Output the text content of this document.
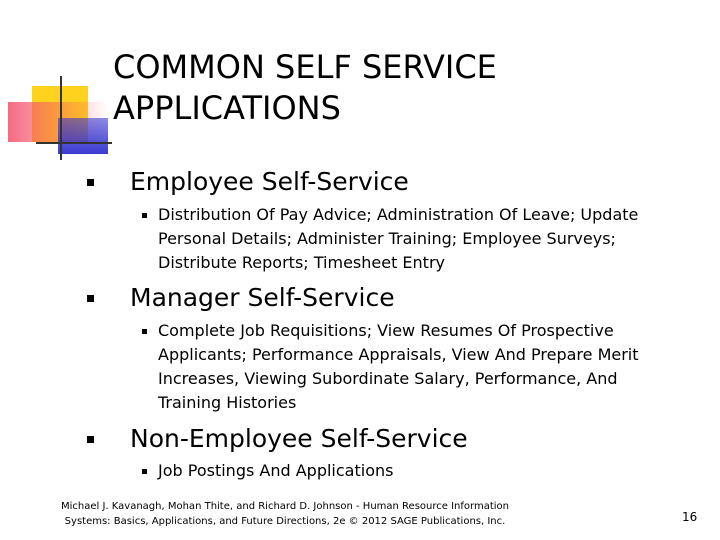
COMMON SELF SERVICE
APPLICATIONS
Employee Self-Service
Distribution Of Pay Advice; Administration Of Leave; Update
Personal Details; Administer Training; Employee Surveys;
Distribute Reports; Timesheet Entry
Manager Self-Service
Complete Job Requisitions; View Resumes Of Prospective
Applicants; Performance Appraisals, View And Prepare Merit
Increases, Viewing Subordinate Salary, Performance, And
Training Histories
Non-Employee Self-Service
Job Postings And Applications
Michael J. Kavanagh, Mohan Thite, and Richard D. Johnson - Human Resource Information
Systems: Basics, Applications, and Future Directions, 2e © 2012 SAGE Publications, Inc.	16
